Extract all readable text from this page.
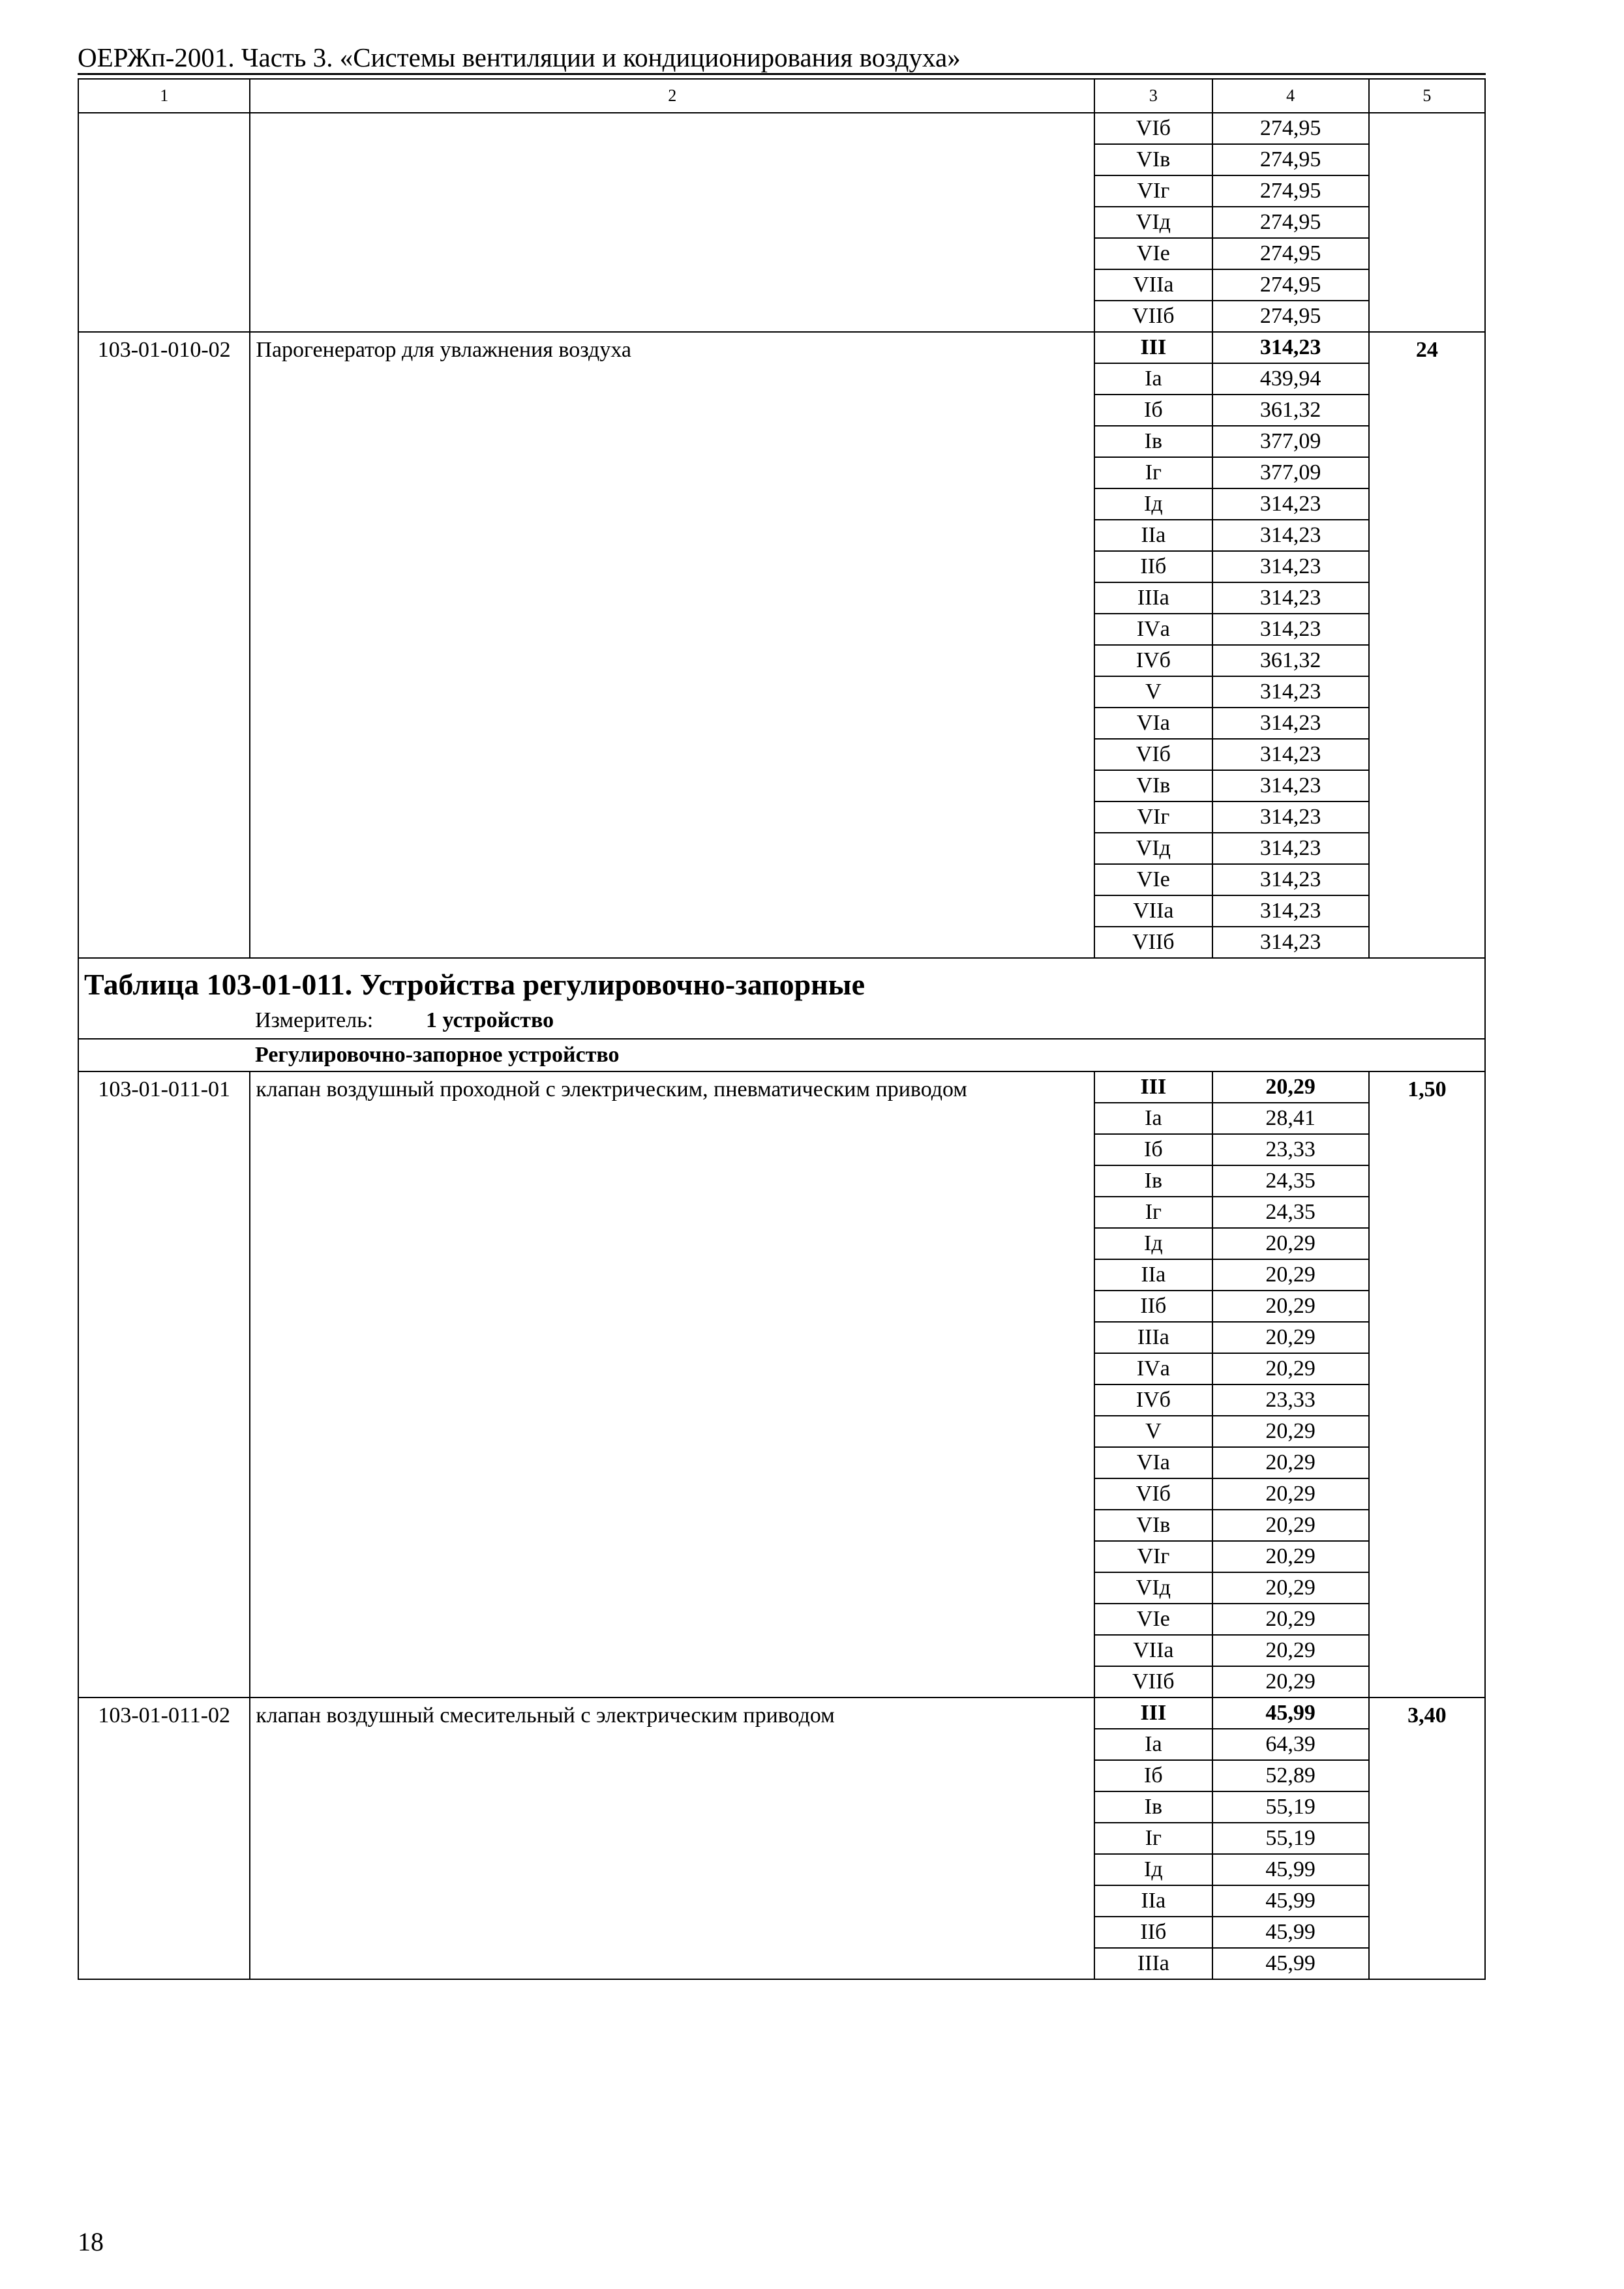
ОЕРЖп-2001. Часть 3. «Системы вентиляции и кондиционирования воздуха»
1	2	3	4	5
		VIб	274,95	
		VIв	274,95	
		VIг	274,95	
		VIд	274,95	
		VIе	274,95	
		VIIа	274,95	
		VIIб	274,95	
103-01-010-02	Парогенератор для увлажнения воздуха	III	314,23	24
		Iа	439,94	
		Iб	361,32	
		Iв	377,09	
		Iг	377,09	
		Iд	314,23	
		IIа	314,23	
		IIб	314,23	
		IIIа	314,23	
		IVа	314,23	
		IVб	361,32	
		V	314,23	
		VIа	314,23	
		VIб	314,23	
		VIв	314,23	
		VIг	314,23	
		VIд	314,23	
		VIе	314,23	
		VIIа	314,23	
		VIIб	314,23	

Таблица 103-01-011. Устройства регулировочно-запорные				

Измеритель: 1 устройство				

Регулировочно-запорное устройство				
103-01-011-01	клапан воздушный проходной с электрическим, пневматическим приводом	III	20,29	1,50
		Iа	28,41	
		Iб	23,33	
		Iв	24,35	
		Iг	24,35	
		Iд	20,29	
		IIа	20,29	
		IIб	20,29	
		IIIа	20,29	
		IVа	20,29	
		IVб	23,33	
		V	20,29	
		VIа	20,29	
		VIб	20,29	
		VIв	20,29	
		VIг	20,29	
		VIд	20,29	
		VIе	20,29	
		VIIа	20,29	
		VIIб	20,29	
103-01-011-02	клапан воздушный смесительный с электрическим приводом	III	45,99	3,40
		Iа	64,39	
		Iб	52,89	
		Iв	55,19	
		Iг	55,19	
		Iд	45,99	
		IIа	45,99	
		IIб	45,99	
		IIIа	45,99	
18
